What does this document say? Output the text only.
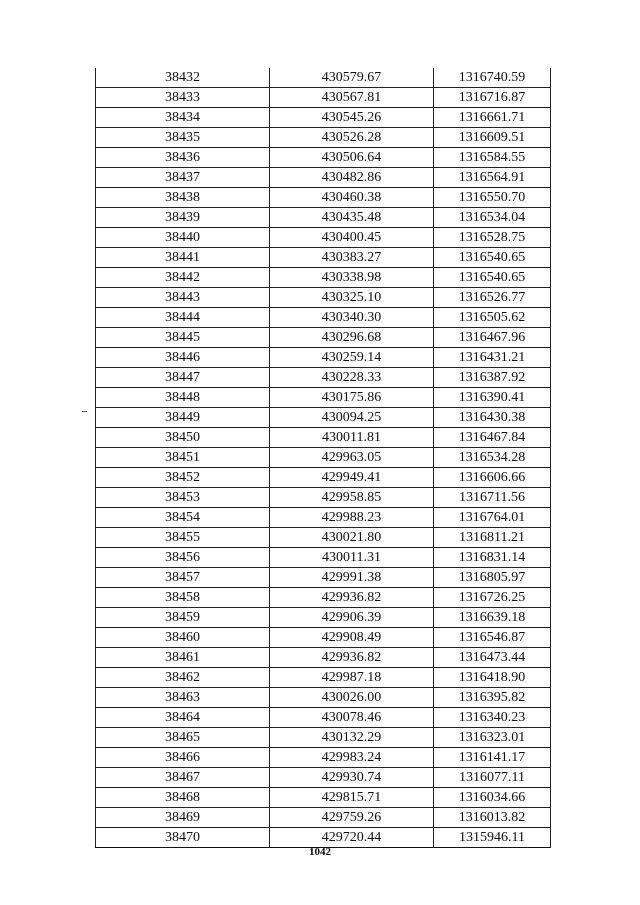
38432	430579.67	1316740.59
38433	430567.81	1316716.87
38434	430545.26	1316661.71
38435	430526.28	1316609.51
38436	430506.64	1316584.55
38437	430482.86	1316564.91
38438	430460.38	1316550.70
38439	430435.48	1316534.04
38440	430400.45	1316528.75
38441	430383.27	1316540.65
38442	430338.98	1316540.65
38443	430325.10	1316526.77
38444	430340.30	1316505.62
38445	430296.68	1316467.96
38446	430259.14	1316431.21
38447	430228.33	1316387.92
38448	430175.86	1316390.41
38449	430094.25	1316430.38
38450	430011.81	1316467.84
38451	429963.05	1316534.28
38452	429949.41	1316606.66
38453	429958.85	1316711.56
38454	429988.23	1316764.01
38455	430021.80	1316811.21
38456	430011.31	1316831.14
38457	429991.38	1316805.97
38458	429936.82	1316726.25
38459	429906.39	1316639.18
38460	429908.49	1316546.87
38461	429936.82	1316473.44
38462	429987.18	1316418.90
38463	430026.00	1316395.82
38464	430078.46	1316340.23
38465	430132.29	1316323.01
38466	429983.24	1316141.17
38467	429930.74	1316077.11
38468	429815.71	1316034.66
38469	429759.26	1316013.82
38470	429720.44	1315946.11
1042
